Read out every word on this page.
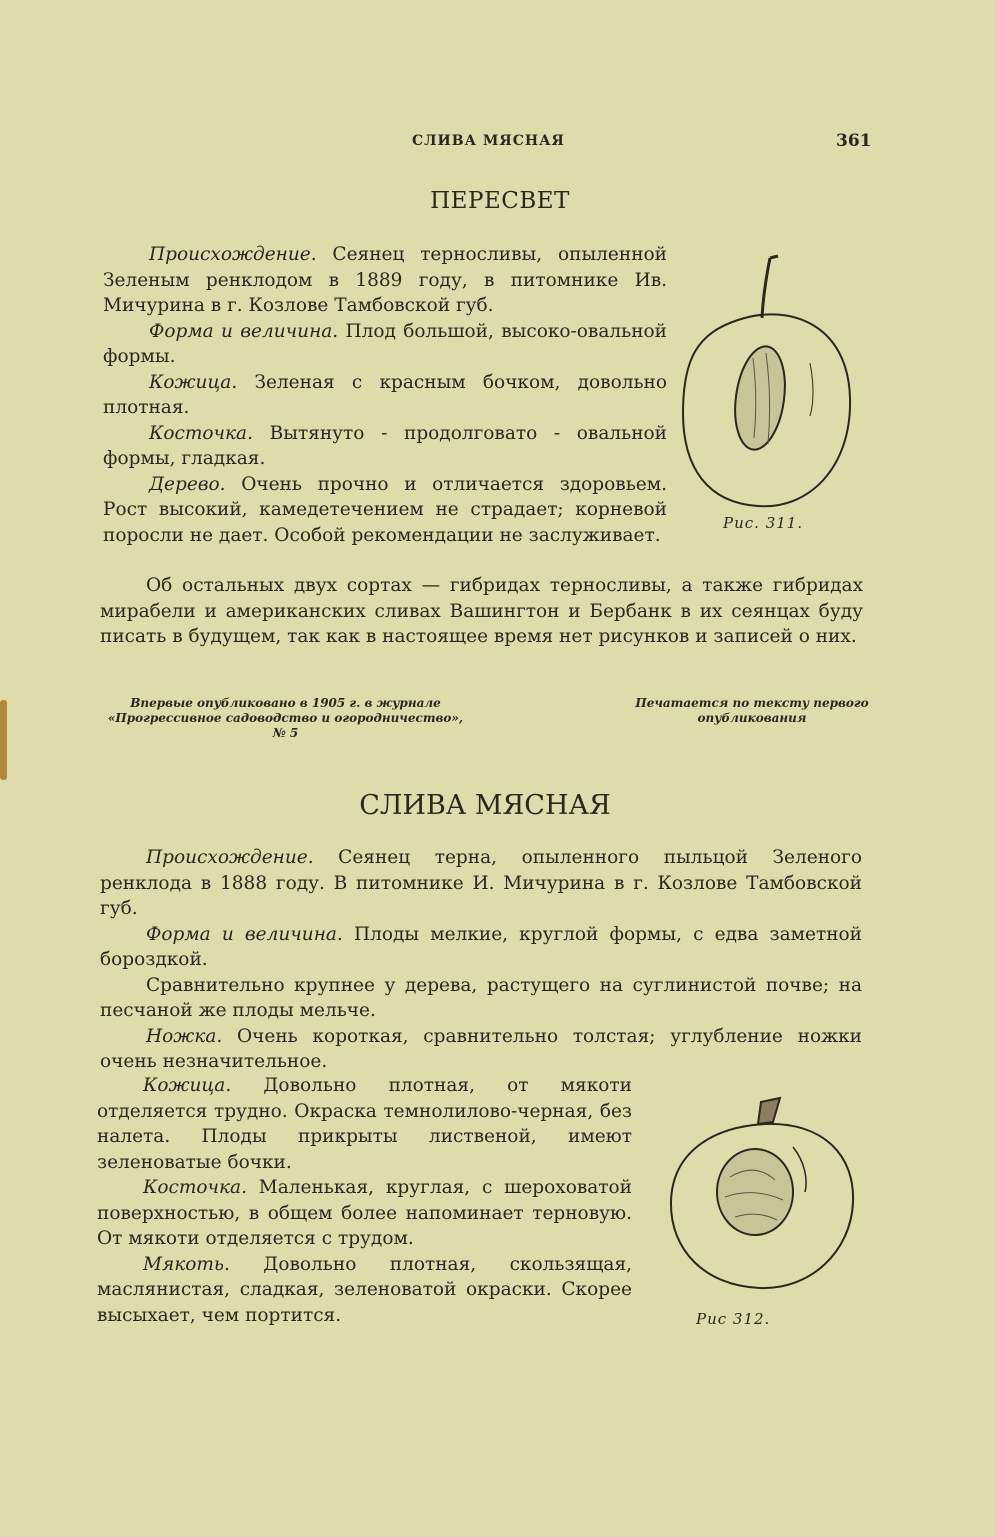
СЛИВА МЯСНАЯ	361
ПЕРЕСВЕТ

Происхождение. Сеянец терносливы, опыленной Зеленым ренклодом в 1889 году, в питомнике Ив. Мичурина в г. Козлове Тамбовской губ.

Форма и величина. Плод большой, высоко-овальной формы.

Кожица. Зеленая с красным бочком, довольно плотная.

Косточка. Вытянуто - продолговато - овальной формы, гладкая.

Дерево. Очень прочно и отличается здоровьем. Рост высокий, камедетечением не страдает; корневой поросли не дает. Особой рекомендации не заслуживает.

Рис. 311.

Об остальных двух сортах — гибридах терносливы, а также гибридах мирабели и американских сливах Вашингтон и Бербанк в их сеянцах буду писать в будущем, так как в настоящее время нет рисунков и записей о них.

Впервые опубликовано в 1905 г. в журнале «Прогрессивное садоводство и огородничество», № 5
Печатается по тексту первого опубликования
СЛИВА МЯСНАЯ

Происхождение. Сеянец терна, опыленного пыльцой Зеленого ренклода в 1888 году. В питомнике И. Мичурина в г. Козлове Тамбовской губ.

Форма и величина. Плоды мелкие, круглой формы, с едва заметной бороздкой.

Сравнительно крупнее у дерева, растущего на суглинистой почве; на песчаной же плоды мельче.

Ножка. Очень короткая, сравнительно толстая; углубление ножки очень незначительное.

Кожица. Довольно плотная, от мякоти отделяется трудно. Окраска темнолилово-черная, без налета. Плоды прикрыты лиственой, имеют зеленоватые бочки.

Косточка. Маленькая, круглая, с шероховатой поверхностью, в общем более напоминает терновую. От мякоти отделяется с трудом.

Мякоть. Довольно плотная, скользящая, маслянистая, сладкая, зеленоватой окраски. Скорее высыхает, чем портится.	Рис 312.
